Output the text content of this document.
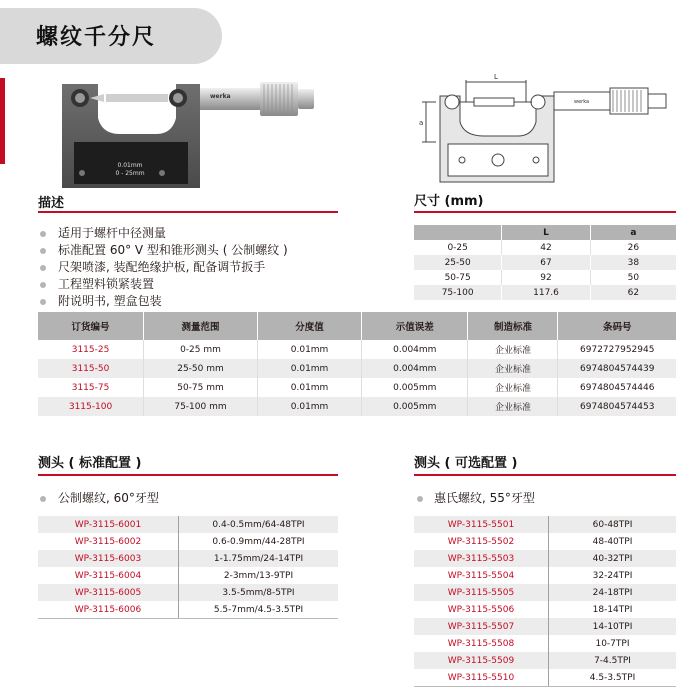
螺纹千分尺
0.01mm
0 - 25mm
werka
L
a
werka
描述
适用于螺杆中径测量
标准配置 60° V 型和锥形测头 ( 公制螺纹 )
尺架喷漆, 装配绝缘护板, 配备调节扳手
工程塑料锁紧装置
附说明书, 塑盒包装
尺寸 (mm)
	L	a
0-25	42	26
25-50	67	38
50-75	92	50
75-100	117.6	62
订货编号	测量范围	分度值	示值误差	制造标准	条码号
3115-25	0-25 mm	0.01mm	0.004mm	企业标准	6972727952945
3115-50	25-50 mm	0.01mm	0.004mm	企业标准	6974804574439
3115-75	50-75 mm	0.01mm	0.005mm	企业标准	6974804574446
3115-100	75-100 mm	0.01mm	0.005mm	企业标准	6974804574453
测头 ( 标准配置 )
公制螺纹, 60°牙型
WP-3115-6001	0.4-0.5mm/64-48TPI
WP-3115-6002	0.6-0.9mm/44-28TPI
WP-3115-6003	1-1.75mm/24-14TPI
WP-3115-6004	2-3mm/13-9TPI
WP-3115-6005	3.5-5mm/8-5TPI
WP-3115-6006	5.5-7mm/4.5-3.5TPI
测头 ( 可选配置 )
惠氏螺纹, 55°牙型
WP-3115-5501	60-48TPI
WP-3115-5502	48-40TPI
WP-3115-5503	40-32TPI
WP-3115-5504	32-24TPI
WP-3115-5505	24-18TPI
WP-3115-5506	18-14TPI
WP-3115-5507	14-10TPI
WP-3115-5508	10-7TPI
WP-3115-5509	7-4.5TPI
WP-3115-5510	4.5-3.5TPI
